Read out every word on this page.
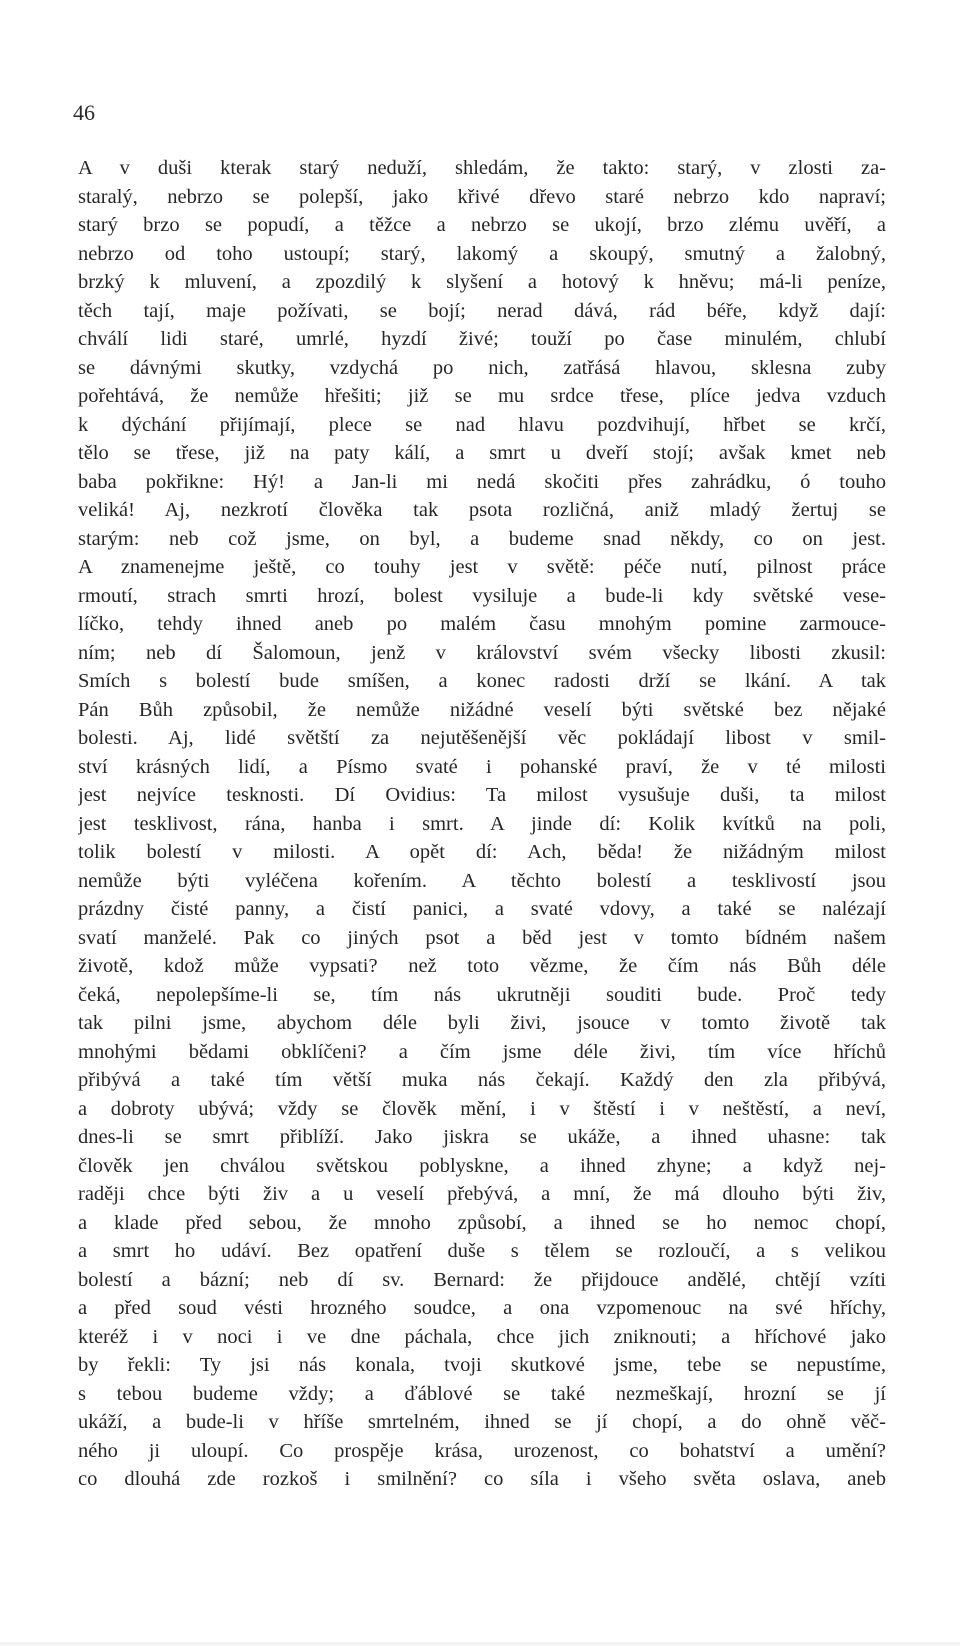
46
A v duši kterak starý neduží, shledám, že takto: starý, v zlosti za-
staralý, nebrzo se polepší, jako křivé dřevo staré nebrzo kdo napraví;
starý brzo se popudí, a těžce a nebrzo se ukojí, brzo zlému uvěří, a
nebrzo od toho ustoupí; starý, lakomý a skoupý, smutný a žalobný,
brzký k mluvení, a zpozdilý k slyšení a hotový k hněvu; má-li peníze,
těch tají, maje požívati, se bojí; nerad dává, rád béře, když dají:
chválí lidi staré, umrlé, hyzdí živé; touží po čase minulém, chlubí
se dávnými skutky, vzdychá po nich, zatřásá hlavou, sklesna zuby
pořehtává, že nemůže hřešiti; již se mu srdce třese, plíce jedva vzduch
k dýchání přijímají, plece se nad hlavu pozdvihují, hřbet se krčí,
tělo se třese, již na paty kálí, a smrt u dveří stojí; avšak kmet neb
baba pokřikne: Hý! a Jan-li mi nedá skočiti přes zahrádku, ó touho
veliká! Aj, nezkrotí člověka tak psota rozličná, aniž mladý žertuj se
starým: neb což jsme, on byl, a budeme snad někdy, co on jest.
A znamenejme ještě, co touhy jest v světě: péče nutí, pilnost práce
rmoutí, strach smrti hrozí, bolest vysiluje a bude-li kdy světské vese-
líčko, tehdy ihned aneb po malém času mnohým pomine zarmouce-
ním; neb dí Šalomoun, jenž v království svém všecky libosti zkusil:
Smích s bolestí bude smíšen, a konec radosti drží se lkání. A tak
Pán Bůh způsobil, že nemůže nižádné veselí býti světské bez nějaké
bolesti. Aj, lidé světští za nejutěšenější věc pokládají libost v smil-
ství krásných lidí, a Písmo svaté i pohanské praví, že v té milosti
jest nejvíce tesknosti. Dí Ovidius: Ta milost vysušuje duši, ta milost
jest tesklivost, rána, hanba i smrt. A jinde dí: Kolik kvítků na poli,
tolik bolestí v milosti. A opět dí: Ach, běda! že nižádným milost
nemůže býti vyléčena kořením. A těchto bolestí a tesklivostí jsou
prázdny čisté panny, a čistí panici, a svaté vdovy, a také se nalézají
svatí manželé. Pak co jiných psot a běd jest v tomto bídném našem
životě, kdož může vypsati? než toto vězme, že čím nás Bůh déle
čeká, nepolepšíme-li se, tím nás ukrutněji souditi bude. Proč tedy
tak pilni jsme, abychom déle byli živi, jsouce v tomto životě tak
mnohými bědami obklíčeni? a čím jsme déle živi, tím více hříchů
přibývá a také tím větší muka nás čekají. Každý den zla přibývá,
a dobroty ubývá; vždy se člověk mění, i v štěstí i v neštěstí, a neví,
dnes-li se smrt přiblíží. Jako jiskra se ukáže, a ihned uhasne: tak
člověk jen chválou světskou poblyskne, a ihned zhyne; a když nej-
raději chce býti živ a u veselí přebývá, a mní, že má dlouho býti živ,
a klade před sebou, že mnoho způsobí, a ihned se ho nemoc chopí,
a smrt ho udáví. Bez opatření duše s tělem se rozloučí, a s velikou
bolestí a bázní; neb dí sv. Bernard: že přijdouce andělé, chtějí vzíti
a před soud vésti hrozného soudce, a ona vzpomenouc na své hříchy,
kteréž i v noci i ve dne páchala, chce jich zniknouti; a hříchové jako
by řekli: Ty jsi nás konala, tvoji skutkové jsme, tebe se nepustíme,
s tebou budeme vždy; a ďáblové se také nezmeškají, hrozní se jí
ukáží, a bude-li v hříše smrtelném, ihned se jí chopí, a do ohně věč-
ného ji uloupí. Co prospěje krása, urozenost, co bohatství a umění?
co dlouhá zde rozkoš i smilnění? co síla i všeho světa oslava, aneb
